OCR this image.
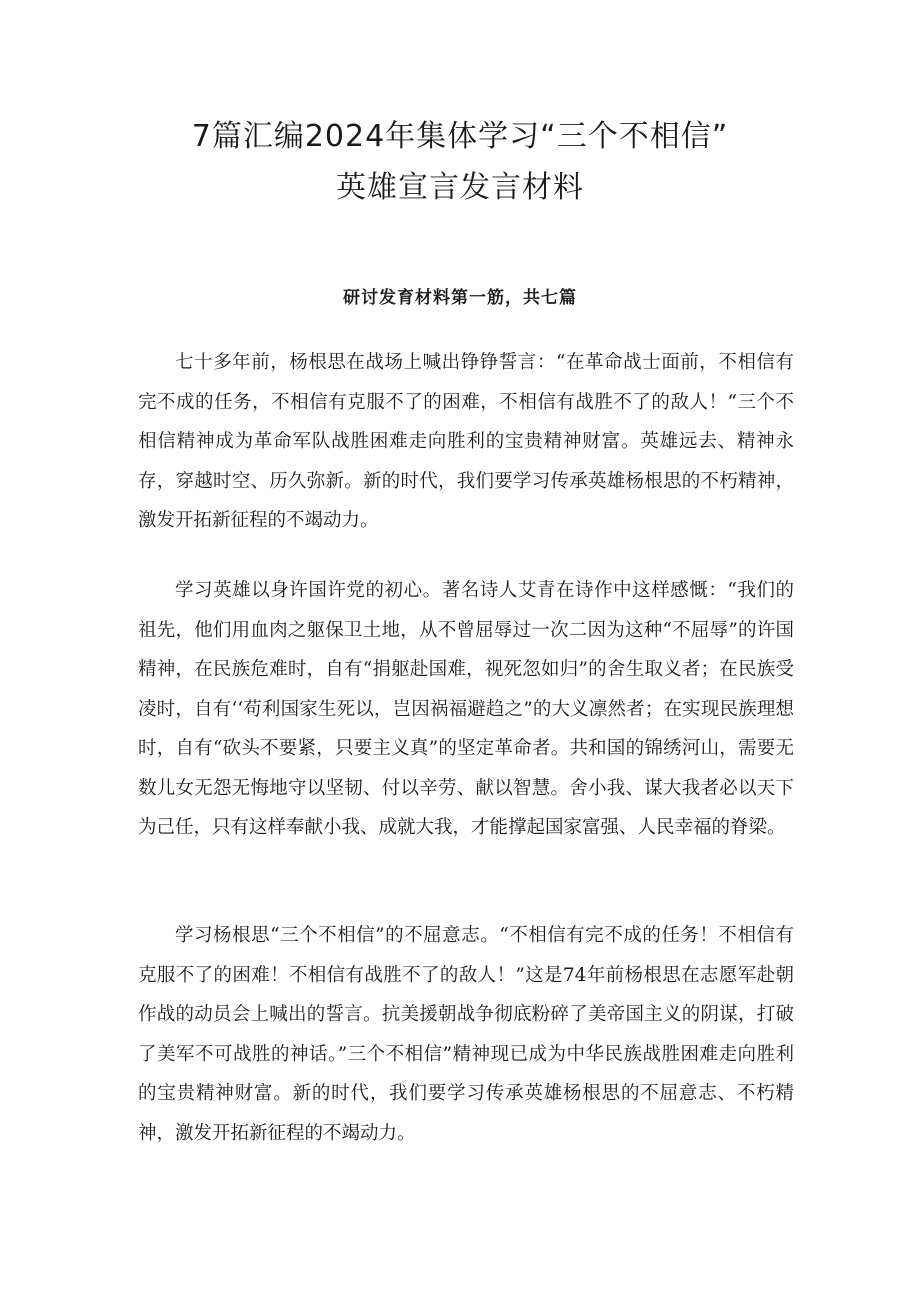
7篇汇编2024年集体学习“三个不相信”
英雄宣言发言材料
研讨发育材料第一筋，共七篇

七十多年前，杨根思在战场上喊出铮铮誓言：“在革命战士面前，不相信有完不成的任务，不相信有克服不了的困难，不相信有战胜不了的敌人！“三个不相信精神成为革命军队战胜困难走向胜利的宝贵精神财富。英雄远去、精神永存，穿越时空、历久弥新。新的时代，我们要学习传承英雄杨根思的不朽精神，激发开拓新征程的不竭动力。

学习英雄以身许国许党的初心。著名诗人艾青在诗作中这样感慨：“我们的祖先，他们用血肉之躯保卫土地，从不曾屈辱过一次二因为这种“不屈辱”的许国精神，在民族危难时，自有“捐躯赴国难，视死忽如归”的舍生取义者；在民族受凌时，自有‘‘苟利国家生死以，岂因祸福避趋之”的大义凛然者；在实现民族理想时，自有“砍头不要紧，只要主义真”的坚定革命者。共和国的锦绣河山，需要无数儿女无怨无悔地守以坚韧、付以辛劳、献以智慧。舍小我、谋大我者必以天下为己任，只有这样奉献小我、成就大我，才能撑起国家富强、人民幸福的脊梁。

学习杨根思“三个不相信”的不屈意志。“不相信有完不成的任务！不相信有克服不了的困难！不相信有战胜不了的敌人！”这是74年前杨根思在志愿军赴朝作战的动员会上喊出的誓言。抗美援朝战争彻底粉碎了美帝国主义的阴谋，打破了美军不可战胜的神话。”三个不相信”精神现已成为中华民族战胜困难走向胜利的宝贵精神财富。新的时代，我们要学习传承英雄杨根思的不屈意志、不朽精神，激发开拓新征程的不竭动力。
